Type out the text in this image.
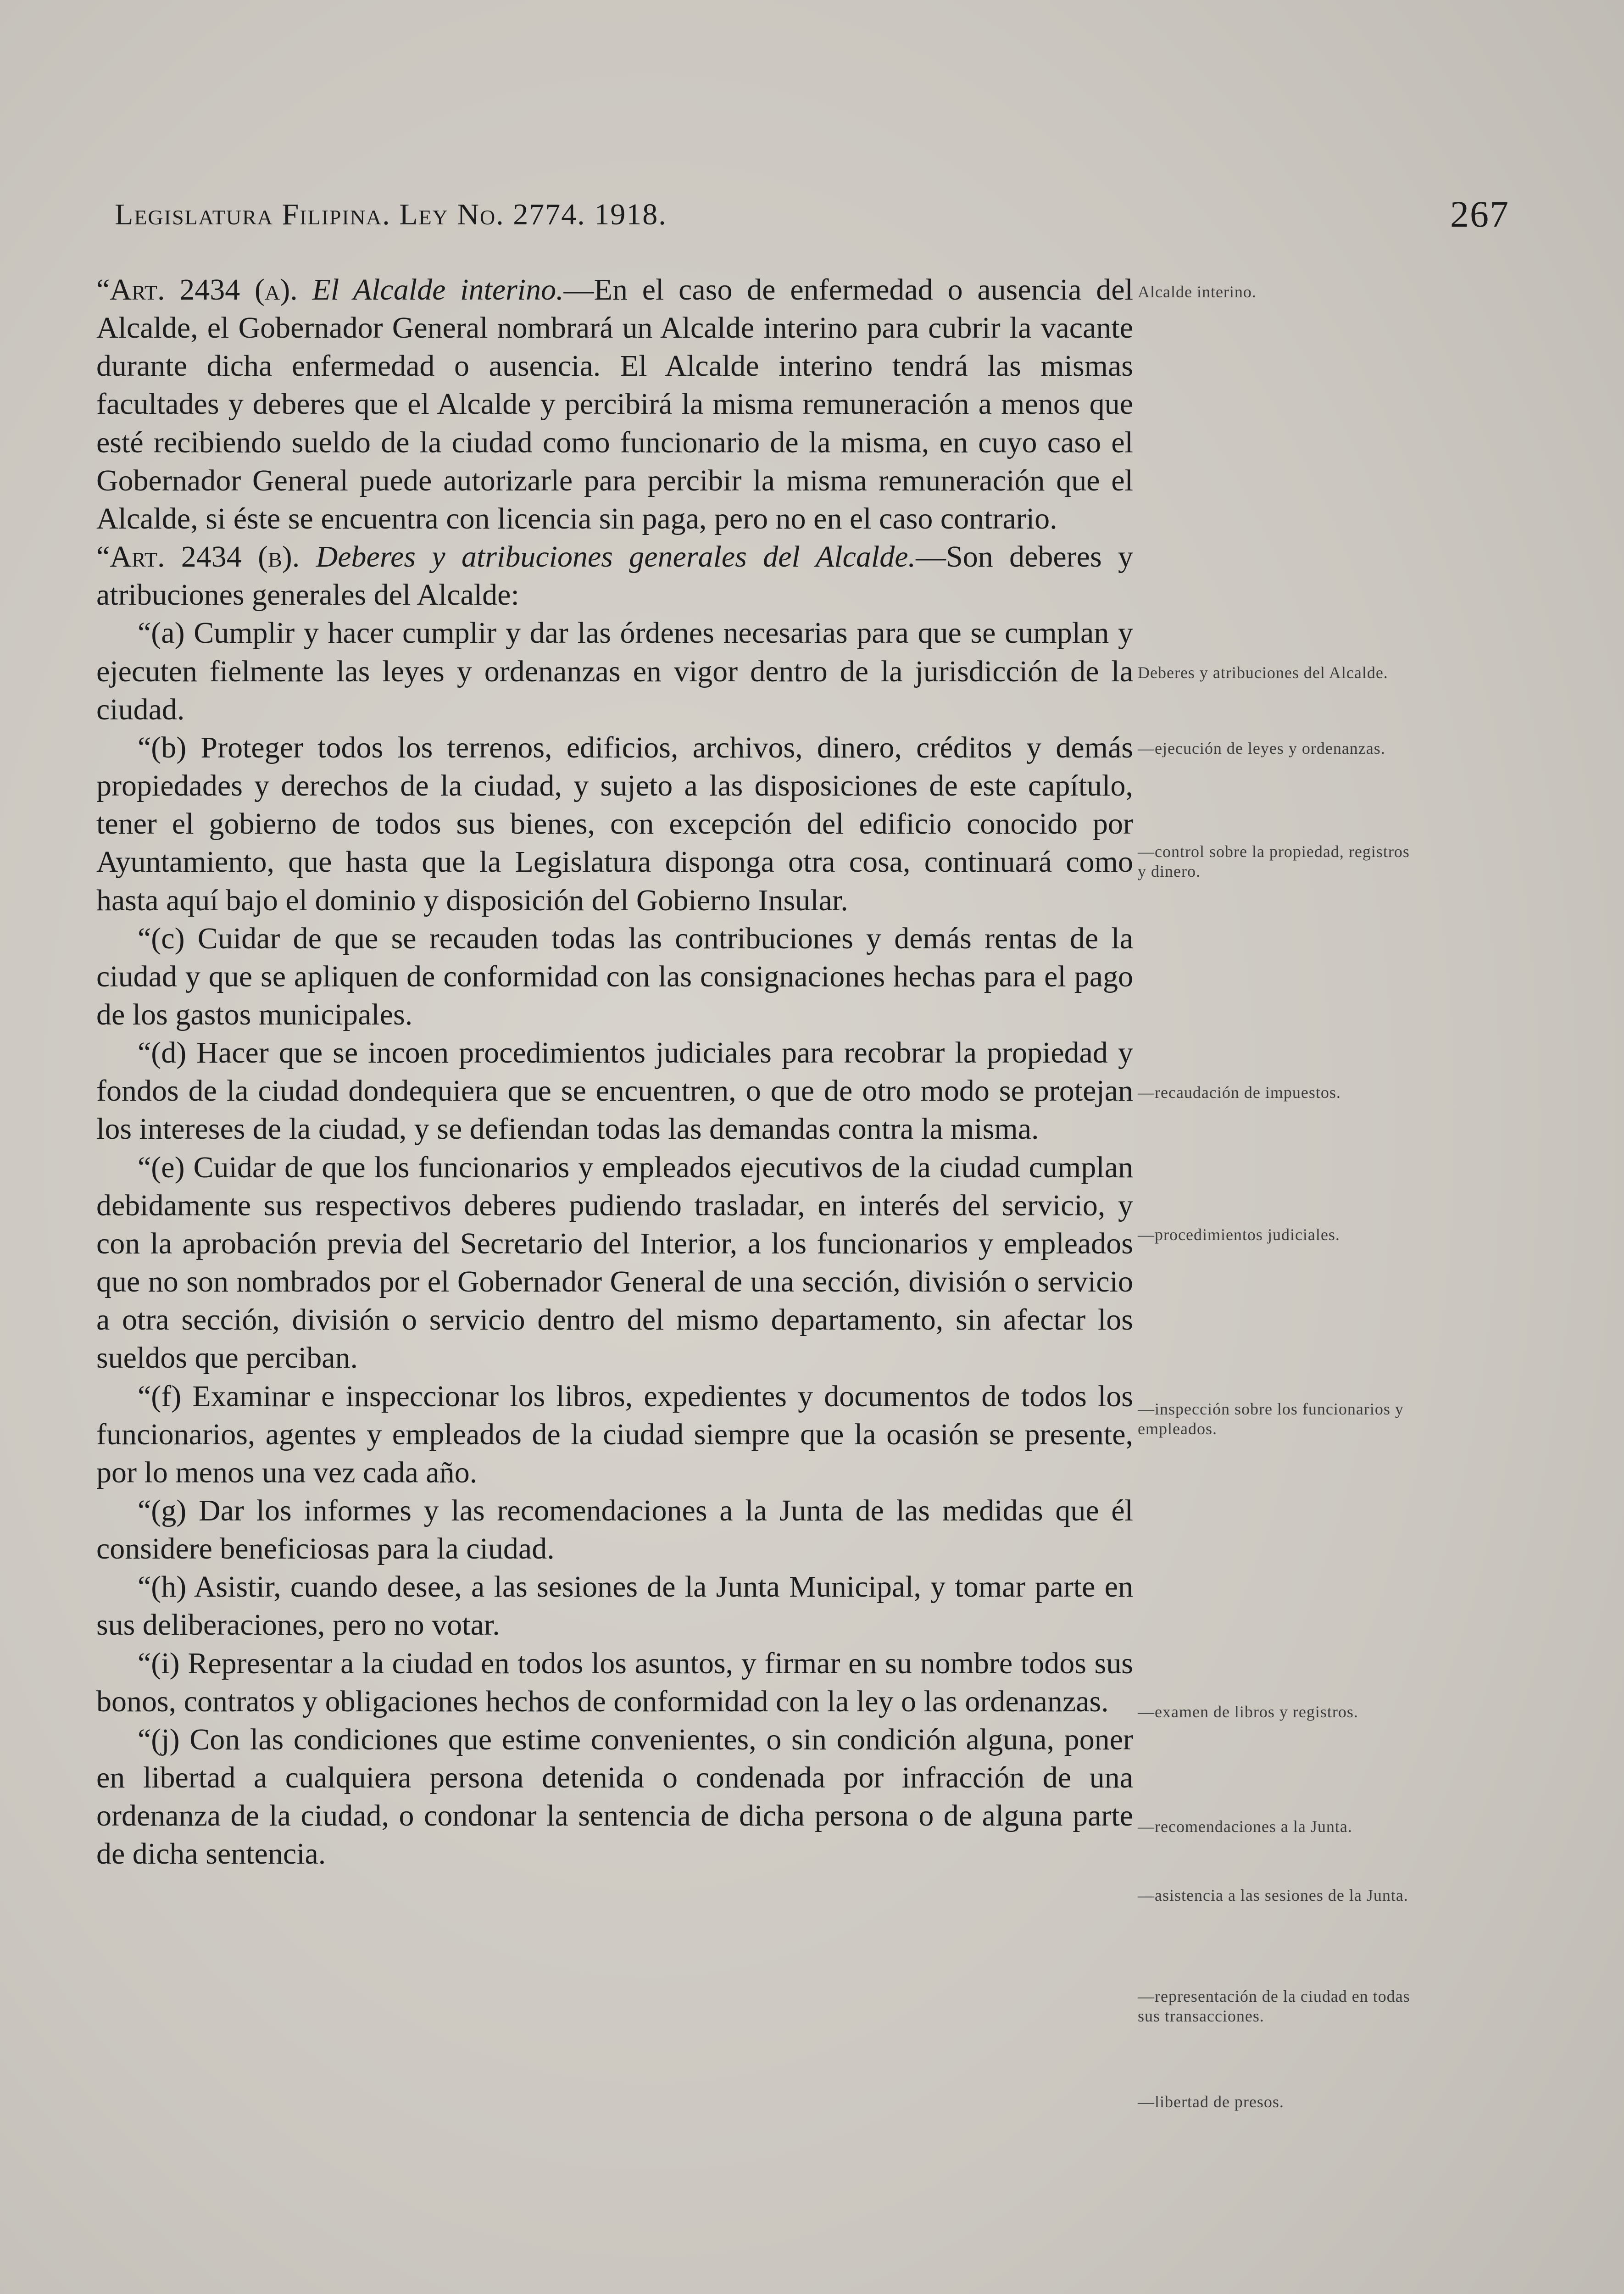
Legislatura Filipina. Ley No. 2774. 1918.	267

“Art. 2434 (a). El Alcalde interino.—En el caso de enfermedad o ausencia del Alcalde, el Gobernador General nombrará un Alcalde interino para cubrir la vacante durante dicha enfermedad o ausencia. El Alcalde interino tendrá las mismas facultades y deberes que el Alcalde y percibirá la misma remuneración a menos que esté recibiendo sueldo de la ciudad como funcionario de la misma, en cuyo caso el Gobernador General puede autorizarle para percibir la misma remuneración que el Alcalde, si éste se encuentra con licencia sin paga, pero no en el caso contrario.

“Art. 2434 (b). Deberes y atribuciones generales del Alcalde.—Son deberes y atribuciones generales del Alcalde:

“(a) Cumplir y hacer cumplir y dar las órdenes necesarias para que se cumplan y ejecuten fielmente las leyes y ordenanzas en vigor dentro de la jurisdicción de la ciudad.

“(b) Proteger todos los terrenos, edificios, archivos, dinero, créditos y demás propiedades y derechos de la ciudad, y sujeto a las disposiciones de este capítulo, tener el gobierno de todos sus bienes, con excepción del edificio conocido por Ayuntamiento, que hasta que la Legislatura disponga otra cosa, continuará como hasta aquí bajo el dominio y disposición del Gobierno Insular.

“(c) Cuidar de que se recauden todas las contribuciones y demás rentas de la ciudad y que se apliquen de conformidad con las consignaciones hechas para el pago de los gastos municipales.

“(d) Hacer que se incoen procedimientos judiciales para recobrar la propiedad y fondos de la ciudad dondequiera que se encuentren, o que de otro modo se protejan los intereses de la ciudad, y se defiendan todas las demandas contra la misma.

“(e) Cuidar de que los funcionarios y empleados ejecutivos de la ciudad cumplan debidamente sus respectivos deberes pudiendo trasladar, en interés del servicio, y con la aprobación previa del Secretario del Interior, a los funcionarios y empleados que no son nombrados por el Gobernador General de una sección, división o servicio a otra sección, división o servicio dentro del mismo departamento, sin afectar los sueldos que perciban.

“(f) Examinar e inspeccionar los libros, expedientes y documentos de todos los funcionarios, agentes y empleados de la ciudad siempre que la ocasión se presente, por lo menos una vez cada año.

“(g) Dar los informes y las recomendaciones a la Junta de las medidas que él considere beneficiosas para la ciudad.

“(h) Asistir, cuando desee, a las sesiones de la Junta Municipal, y tomar parte en sus deliberaciones, pero no votar.

“(i) Representar a la ciudad en todos los asuntos, y firmar en su nombre todos sus bonos, contratos y obligaciones hechos de conformidad con la ley o las ordenanzas.

“(j) Con las condiciones que estime convenientes, o sin condición alguna, poner en libertad a cualquiera persona detenida o condenada por infracción de una ordenanza de la ciudad, o condonar la sentencia de dicha persona o de alguna parte de dicha sentencia.

Alcalde interino.
Deberes y atribuciones del Alcalde.
—ejecución de leyes y ordenanzas.
—control sobre la propiedad, registros y dinero.
—recaudación de impuestos.
—procedimientos judiciales.
—inspección sobre los funcionarios y empleados.
—examen de libros y registros.
—recomendaciones a la Junta.
—asistencia a las sesiones de la Junta.
—representación de la ciudad en todas sus transacciones.
—libertad de presos.
